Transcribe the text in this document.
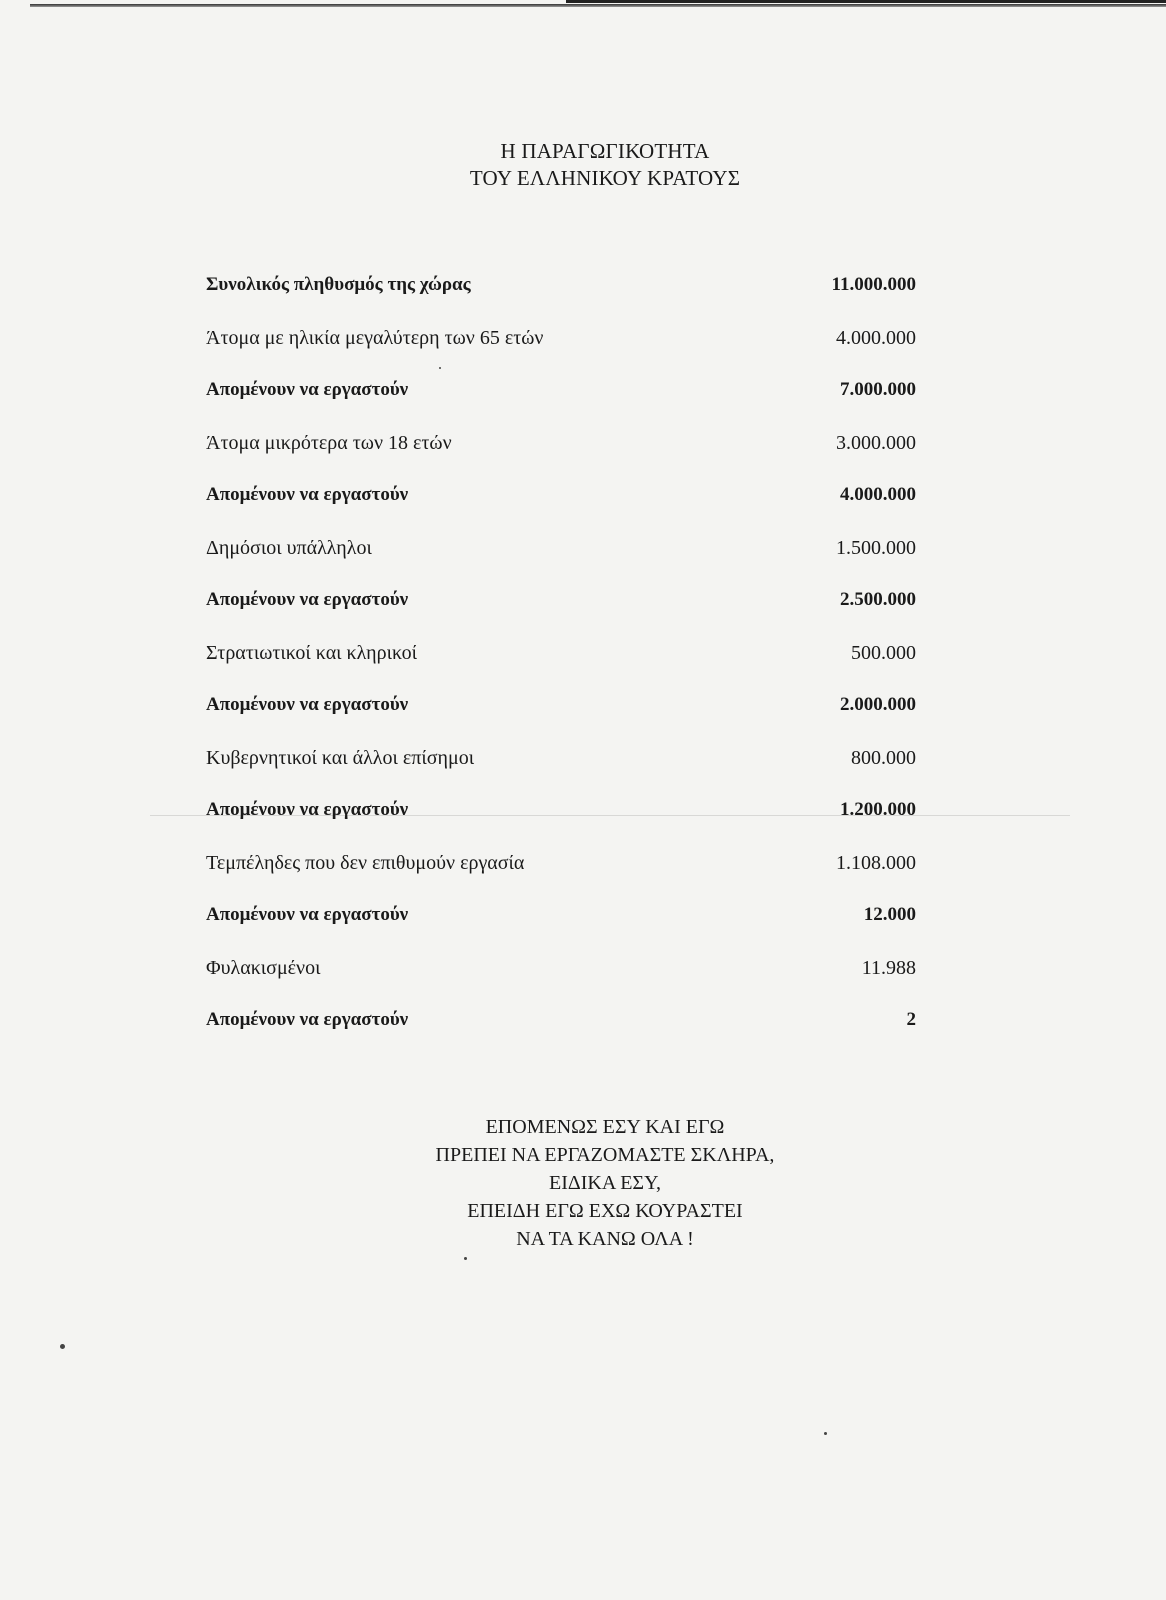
Η ΠΑΡΑΓΩΓΙΚΟΤΗΤΑ
ΤΟΥ ΕΛΛΗΝΙΚΟΥ ΚΡΑΤΟΥΣ
Συνολικός πληθυσμός της χώρας	11.000.000
Άτομα με ηλικία μεγαλύτερη των 65 ετών	4.000.000
Απομένουν να εργαστούν	7.000.000
Άτομα μικρότερα των 18 ετών	3.000.000
Απομένουν να εργαστούν	4.000.000
Δημόσιοι υπάλληλοι	1.500.000
Απομένουν να εργαστούν	2.500.000
Στρατιωτικοί και κληρικοί	500.000
Απομένουν να εργαστούν	2.000.000
Κυβερνητικοί και άλλοι επίσημοι	800.000
Απομένουν να εργαστούν	1.200.000
Τεμπέληδες που δεν επιθυμούν εργασία	1.108.000
Απομένουν να εργαστούν	12.000
Φυλακισμένοι	11.988
Απομένουν να εργαστούν	2
ΕΠΟΜΕΝΩΣ ΕΣΥ ΚΑΙ ΕΓΩ
ΠΡΕΠΕΙ ΝΑ ΕΡΓΑΖΟΜΑΣΤΕ ΣΚΛΗΡΑ,
ΕΙΔΙΚΑ ΕΣΥ,
ΕΠΕΙΔΗ ΕΓΩ ΕΧΩ ΚΟΥΡΑΣΤΕΙ
ΝΑ ΤΑ ΚΑΝΩ ΟΛΑ !
